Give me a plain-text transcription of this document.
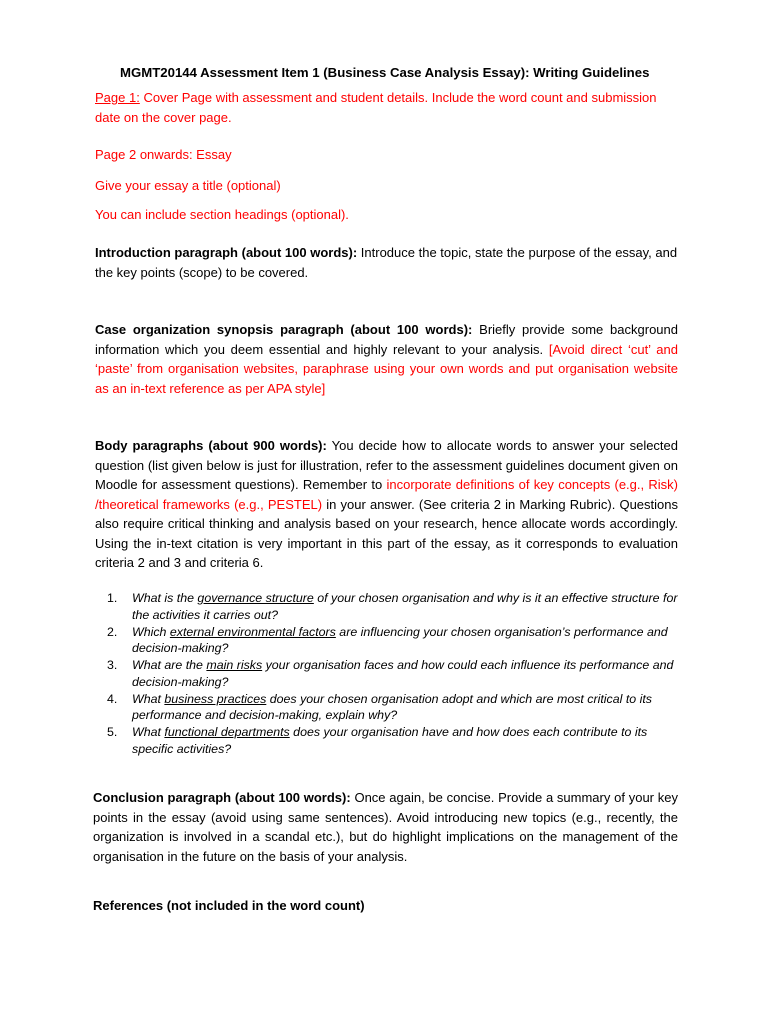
MGMT20144 Assessment Item 1 (Business Case Analysis Essay): Writing Guidelines

Page 1: Cover Page with assessment and student details. Include the word count and submission date on the cover page.

Page 2 onwards: Essay

Give your essay a title (optional)

You can include section headings (optional).

Introduction paragraph (about 100 words): Introduce the topic, state the purpose of the essay, and the key points (scope) to be covered.

Case organization synopsis paragraph (about 100 words): Briefly provide some background information which you deem essential and highly relevant to your analysis. [Avoid direct ‘cut’ and ‘paste’ from organisation websites, paraphrase using your own words and put organisation website as an in-text reference as per APA style]

Body paragraphs (about 900 words): You decide how to allocate words to answer your selected question (list given below is just for illustration, refer to the assessment guidelines document given on Moodle for assessment questions). Remember to incorporate definitions of key concepts (e.g., Risk) /theoretical frameworks (e.g., PESTEL) in your answer. (See criteria 2 in Marking Rubric). Questions also require critical thinking and analysis based on your research, hence allocate words accordingly. Using the in-text citation is very important in this part of the essay, as it corresponds to evaluation criteria 2 and 3 and criteria 6.

1. What is the governance structure of your chosen organisation and why is it an effective structure for the activities it carries out?
2. Which external environmental factors are influencing your chosen organisation’s performance and decision-making?
3. What are the main risks your organisation faces and how could each influence its performance and decision-making?
4. What business practices does your chosen organisation adopt and which are most critical to its performance and decision-making, explain why?
5. What functional departments does your organisation have and how does each contribute to its specific activities?

Conclusion paragraph (about 100 words): Once again, be concise. Provide a summary of your key points in the essay (avoid using same sentences). Avoid introducing new topics (e.g., recently, the organization is involved in a scandal etc.), but do highlight implications on the management of the organisation in the future on the basis of your analysis.

References (not included in the word count)
